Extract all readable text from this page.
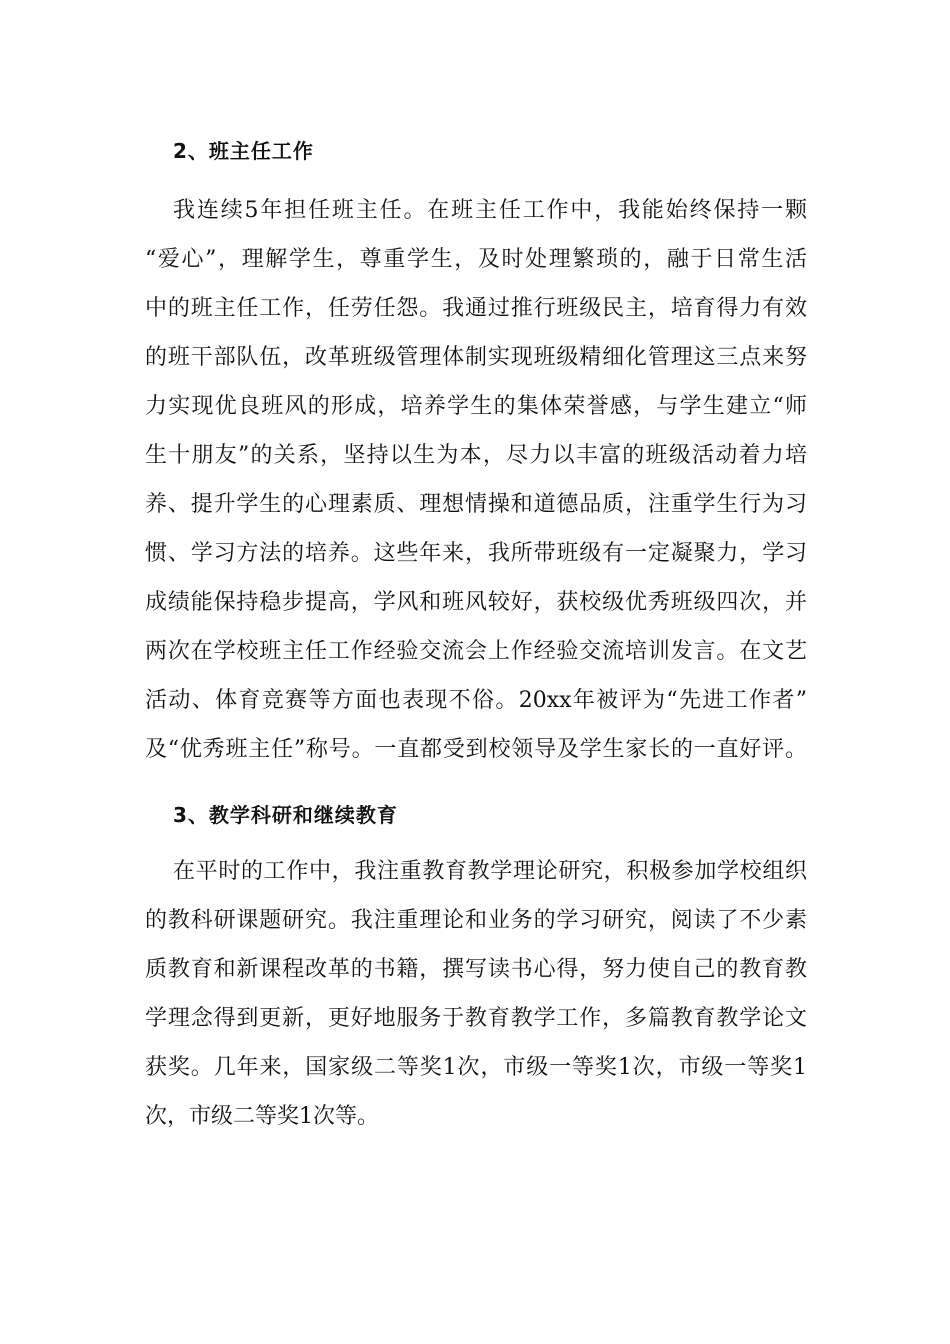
2、班主任工作
我连续5年担任班主任。在班主任工作中，我能始终保持一颗
“爱心”，理解学生，尊重学生，及时处理繁琐的，融于日常生活
中的班主任工作，任劳任怨。我通过推行班级民主，培育得力有效
的班干部队伍，改革班级管理体制实现班级精细化管理这三点来努
力实现优良班风的形成，培养学生的集体荣誉感，与学生建立“师
生十朋友”的关系，坚持以生为本，尽力以丰富的班级活动着力培
养、提升学生的心理素质、理想情操和道德品质，注重学生行为习
惯、学习方法的培养。这些年来，我所带班级有一定凝聚力，学习
成绩能保持稳步提高，学风和班风较好，获校级优秀班级四次，并
两次在学校班主任工作经验交流会上作经验交流培训发言。在文艺
活动、体育竞赛等方面也表现不俗。20xx年被评为“先进工作者”
及“优秀班主任”称号。一直都受到校领导及学生家长的一直好评。
3、教学科研和继续教育
在平时的工作中，我注重教育教学理论研究，积极参加学校组织
的教科研课题研究。我注重理论和业务的学习研究，阅读了不少素
质教育和新课程改革的书籍，撰写读书心得，努力使自己的教育教
学理念得到更新，更好地服务于教育教学工作，多篇教育教学论文
获奖。几年来，国家级二等奖1次，市级一等奖1次，市级一等奖1
次，市级二等奖1次等。
